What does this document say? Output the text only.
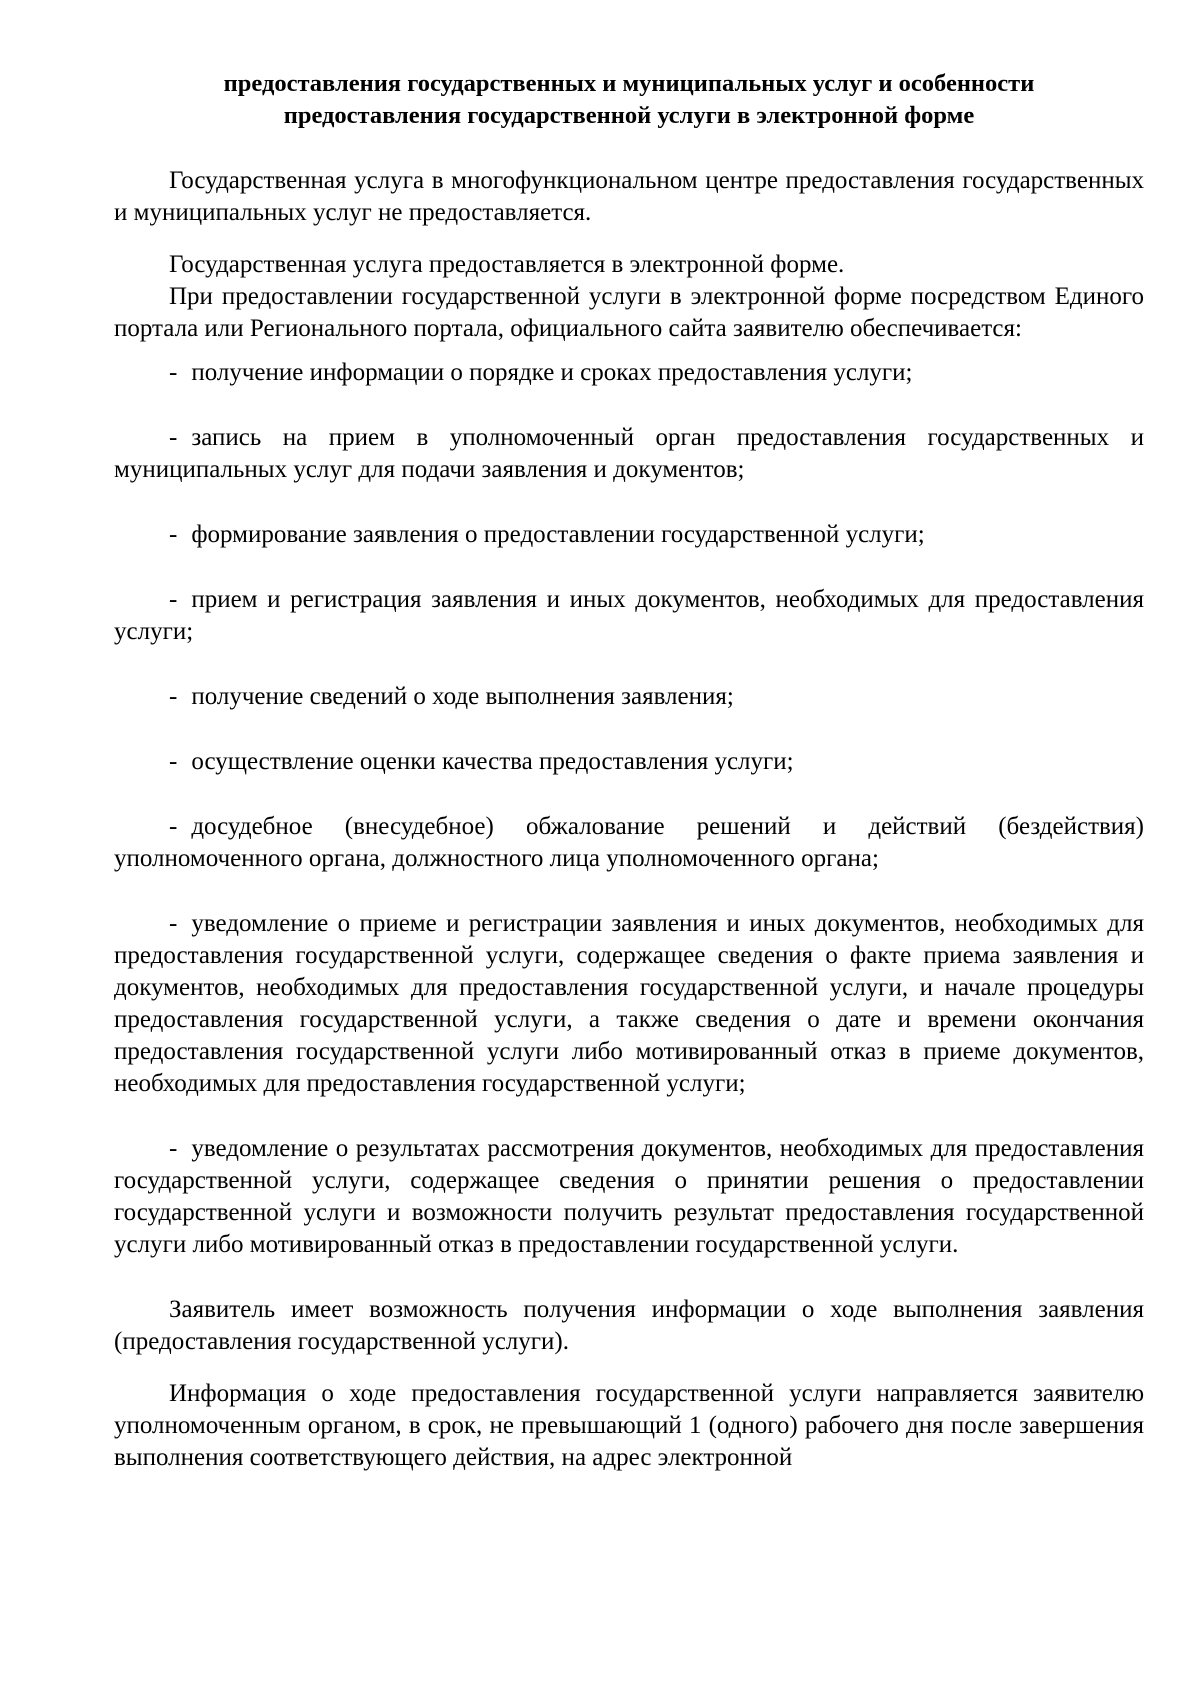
предоставления государственных и муниципальных услуг и особенности
предоставления государственной услуги в электронной форме

Государственная услуга в многофункциональном центре предоставления государственных и муниципальных услуг не предоставляется.

Государственная услуга предоставляется в электронной форме.

При предоставлении государственной услуги в электронной форме посредством Единого портала или Регионального портала, официального сайта заявителю обеспечивается:

- получение информации о порядке и сроках предоставления услуги;

- запись на прием в уполномоченный орган предоставления государственных и муниципальных услуг для подачи заявления и документов;

- формирование заявления о предоставлении государственной услуги;

- прием и регистрация заявления и иных документов, необходимых для предоставления услуги;

- получение сведений о ходе выполнения заявления;

- осуществление оценки качества предоставления услуги;

- досудебное (внесудебное) обжалование решений и действий (бездействия) уполномоченного органа, должностного лица уполномоченного органа;

- уведомление о приеме и регистрации заявления и иных документов, необходимых для предоставления государственной услуги, содержащее сведения о факте приема заявления и документов, необходимых для предоставления государственной услуги, и начале процедуры предоставления государственной услуги, а также сведения о дате и времени окончания предоставления государственной услуги либо мотивированный отказ в приеме документов, необходимых для предоставления государственной услуги;

- уведомление о результатах рассмотрения документов, необходимых для предоставления государственной услуги, содержащее сведения о принятии решения о предоставлении государственной услуги и возможности получить результат предоставления государственной услуги либо мотивированный отказ в предоставлении государственной услуги.

Заявитель имеет возможность получения информации о ходе выполнения заявления (предоставления государственной услуги).

Информация о ходе предоставления государственной услуги направляется заявителю уполномоченным органом, в срок, не превышающий 1 (одного) рабочего дня после завершения выполнения соответствующего действия, на адрес электронной
